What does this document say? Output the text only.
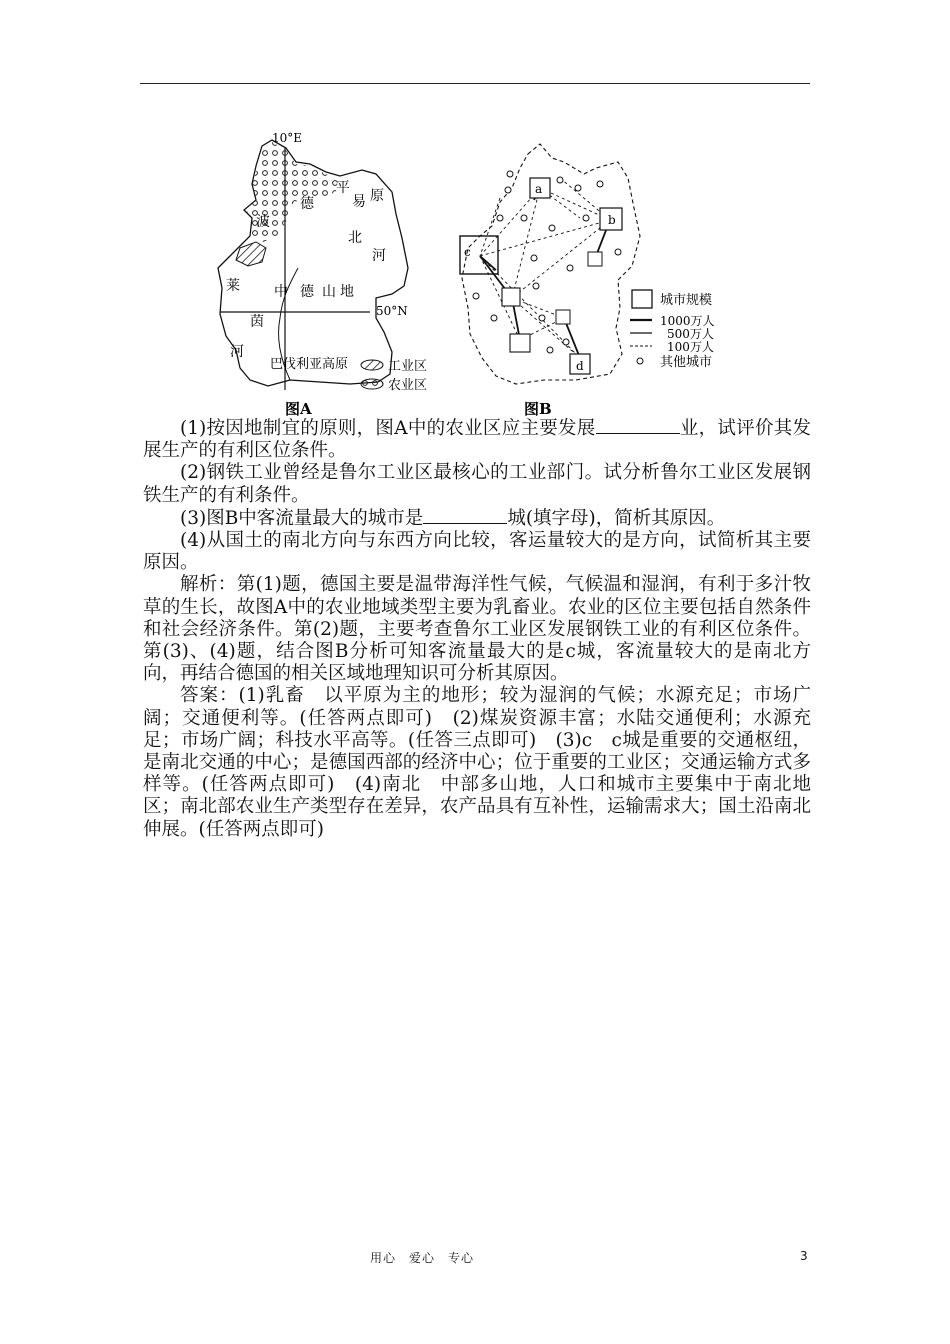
10°E
50°N
平
易 原
北
河
波
德
莱
茵
河
中 德 山 地
巴伐利亚高原	工业区
农业区
图A
a
b
c
d
城市规模
1000万人
500万人
100万人
其他城市
图B

(1)按因地制宜的原则，图A中的农业区应主要发展	业，试评价其发展生产的有利区位条件。

(2)钢铁工业曾经是鲁尔工业区最核心的工业部门。试分析鲁尔工业区发展钢铁生产的有利条件。

(3)图B中客流量最大的城市是	城(填字母)，简析其原因。

(4)从国土的南北方向与东西方向比较，客运量较大的是方向，试简析其主要原因。

解析：第(1)题，德国主要是温带海洋性气候，气候温和湿润，有利于多汁牧草的生长，故图A中的农业地域类型主要为乳畜业。农业的区位主要包括自然条件和社会经济条件。第(2)题，主要考查鲁尔工业区发展钢铁工业的有利区位条件。第(3)、(4)题，结合图B分析可知客流量最大的是c城，客流量较大的是南北方向，再结合德国的相关区域地理知识可分析其原因。

答案：(1)乳畜　以平原为主的地形；较为湿润的气候；水源充足；市场广阔；交通便利等。(任答两点即可)　(2)煤炭资源丰富；水陆交通便利；水源充足；市场广阔；科技水平高等。(任答三点即可)　(3)c　c城是重要的交通枢纽，是南北交通的中心；是德国西部的经济中心；位于重要的工业区；交通运输方式多样等。(任答两点即可)　(4)南北　中部多山地，人口和城市主要集中于南北地区；南北部农业生产类型存在差异，农产品具有互补性，运输需求大；国土沿南北伸展。(任答两点即可)

用心　爱心　专心	3
